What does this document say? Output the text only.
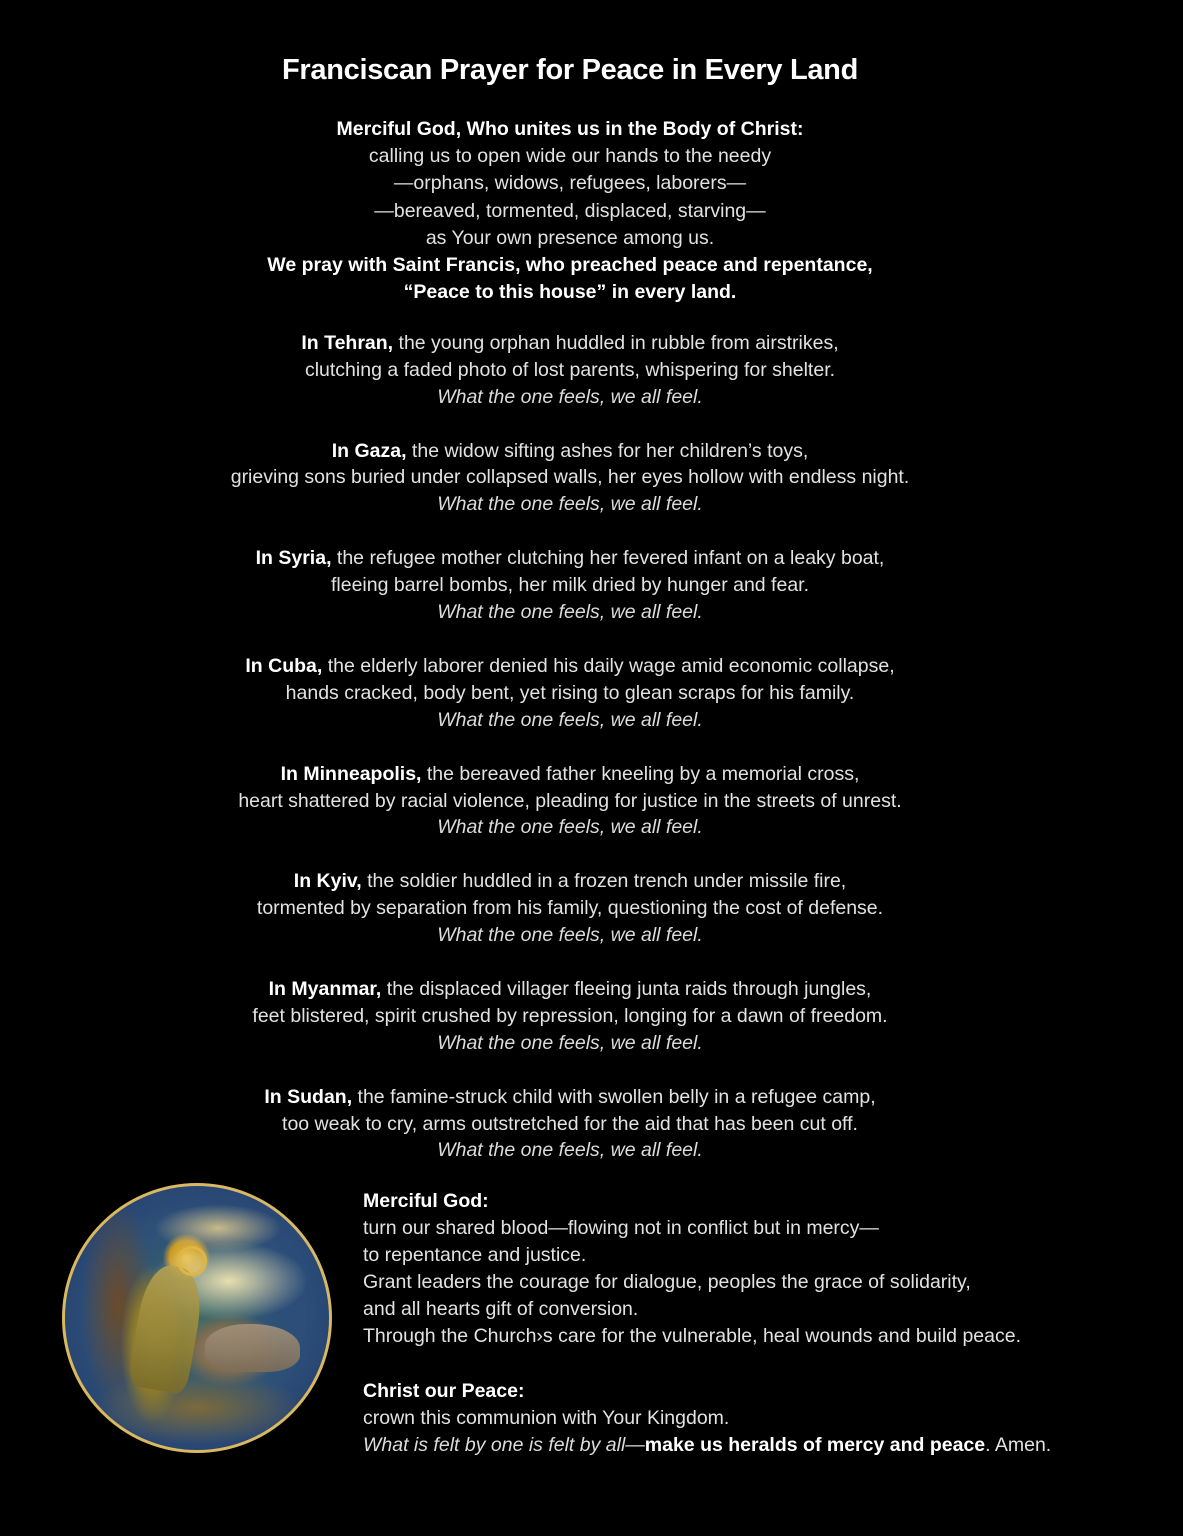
Franciscan Prayer for Peace in Every Land
Merciful God, Who unites us in the Body of Christ:
calling us to open wide our hands to the needy
—orphans, widows, refugees, laborers—
—bereaved, tormented, displaced, starving—
as Your own presence among us.
We pray with Saint Francis, who preached peace and repentance,
“Peace to this house” in every land.
In Tehran, the young orphan huddled in rubble from airstrikes,
clutching a faded photo of lost parents, whispering for shelter.
What the one feels, we all feel.
In Gaza, the widow sifting ashes for her children’s toys,
grieving sons buried under collapsed walls, her eyes hollow with endless night.
What the one feels, we all feel.
In Syria, the refugee mother clutching her fevered infant on a leaky boat,
fleeing barrel bombs, her milk dried by hunger and fear.
What the one feels, we all feel.
In Cuba, the elderly laborer denied his daily wage amid economic collapse,
hands cracked, body bent, yet rising to glean scraps for his family.
What the one feels, we all feel.
In Minneapolis, the bereaved father kneeling by a memorial cross,
heart shattered by racial violence, pleading for justice in the streets of unrest.
What the one feels, we all feel.
In Kyiv, the soldier huddled in a frozen trench under missile fire,
tormented by separation from his family, questioning the cost of defense.
What the one feels, we all feel.
In Myanmar, the displaced villager fleeing junta raids through jungles,
feet blistered, spirit crushed by repression, longing for a dawn of freedom.
What the one feels, we all feel.
In Sudan, the famine-struck child with swollen belly in a refugee camp,
too weak to cry, arms outstretched for the aid that has been cut off.
What the one feels, we all feel.
Merciful God:
turn our shared blood—flowing not in conflict but in mercy—
to repentance and justice.
Grant leaders the courage for dialogue, peoples the grace of solidarity,
and all hearts gift of conversion.
Through the Church›s care for the vulnerable, heal wounds and build peace.
Christ our Peace:
crown this communion with Your Kingdom.
What is felt by one is felt by all—make us heralds of mercy and peace. Amen.
